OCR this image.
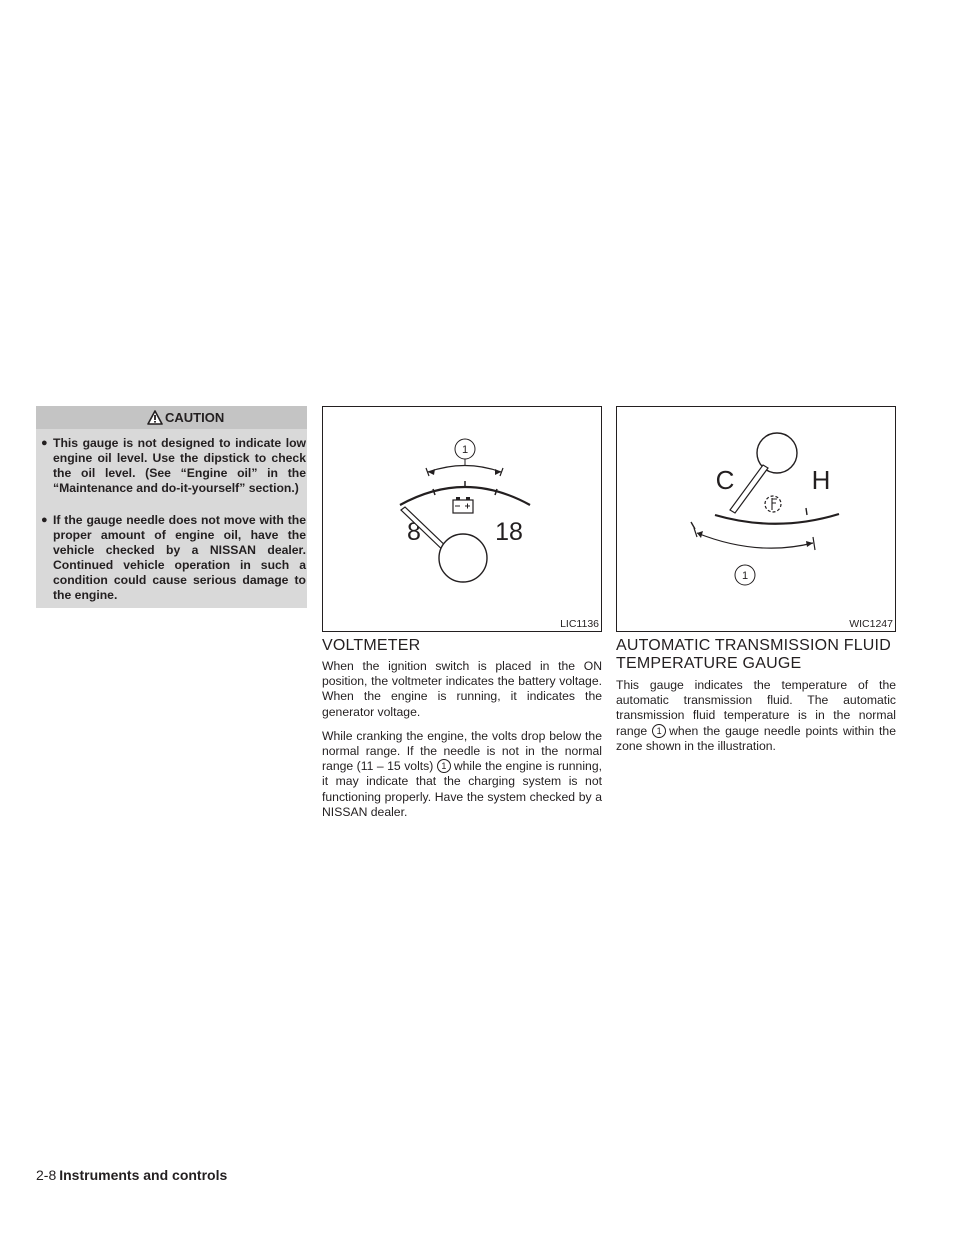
CAUTION
● This gauge is not designed to indicate low engine oil level. Use the dipstick to check the oil level. (See “Engine oil” in the “Maintenance and do-it-yourself” section.)
● If the gauge needle does not move with the proper amount of engine oil, have the vehicle checked by a NISSAN dealer. Continued vehicle operation in such a condition could cause serious damage to the engine.
1
8	18
LIC1136
C	H
1
WIC1247
VOLTMETER

When the ignition switch is placed in the ON position, the voltmeter indicates the battery voltage. When the engine is running, it indicates the generator voltage.

While cranking the engine, the volts drop below the normal range. If the needle is not in the normal range (11 – 15 volts) 1 while the engine is running, it may indicate that the charging system is not functioning properly. Have the system checked by a NISSAN dealer.

AUTOMATIC TRANSMISSION FLUID TEMPERATURE GAUGE

This gauge indicates the temperature of the automatic transmission fluid. The automatic transmission fluid temperature is in the normal range 1 when the gauge needle points within the zone shown in the illustration.

2-8 Instruments and controls
